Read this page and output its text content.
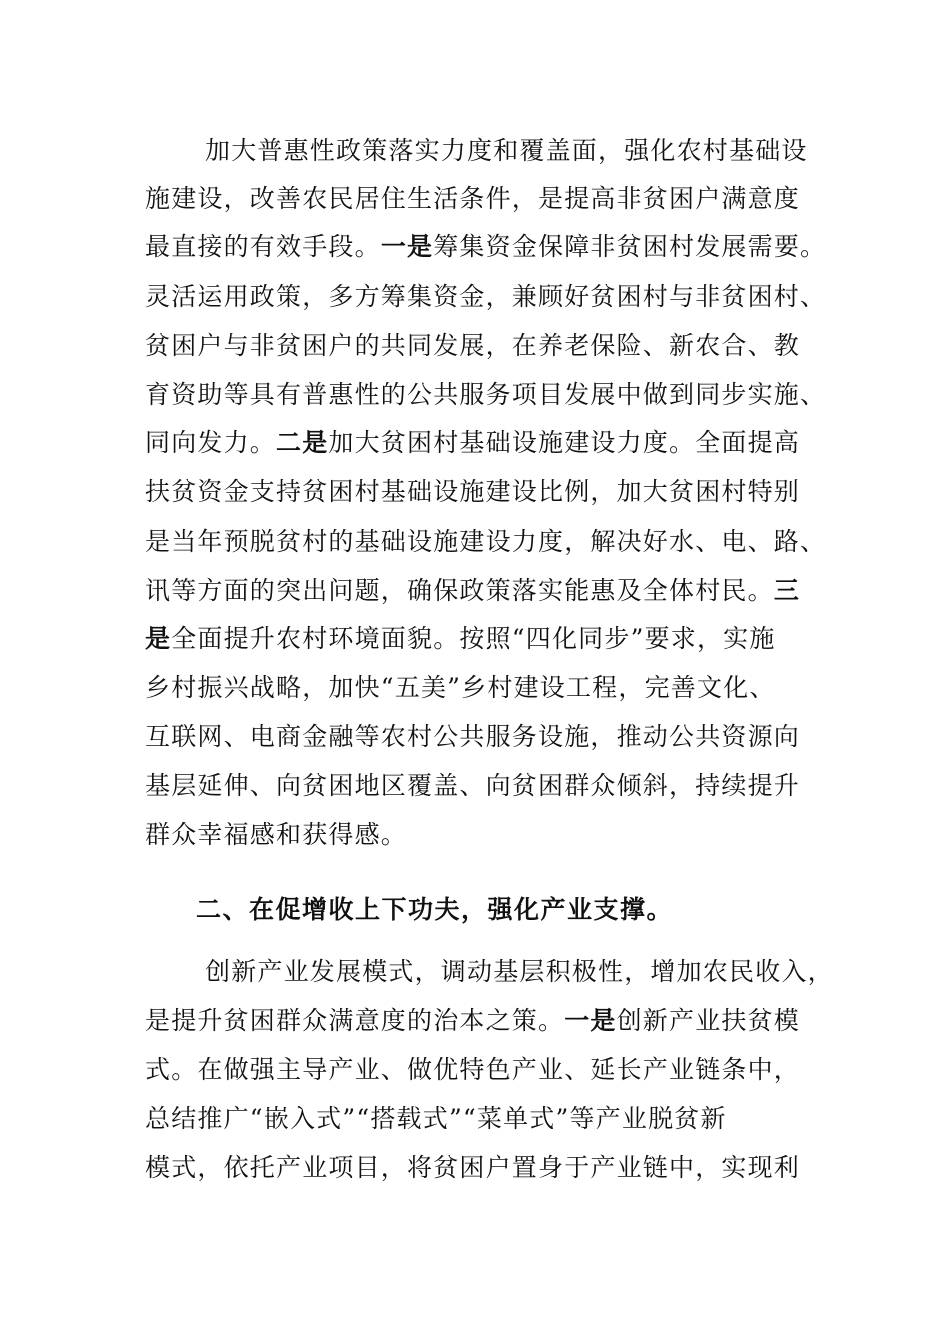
加大普惠性政策落实力度和覆盖面，强化农村基础设
施建设，改善农民居住生活条件，是提高非贫困户满意度
最直接的有效手段。一是筹集资金保障非贫困村发展需要。
灵活运用政策，多方筹集资金，兼顾好贫困村与非贫困村、
贫困户与非贫困户的共同发展，在养老保险、新农合、教
育资助等具有普惠性的公共服务项目发展中做到同步实施、
同向发力。二是加大贫困村基础设施建设力度。全面提高
扶贫资金支持贫困村基础设施建设比例，加大贫困村特别
是当年预脱贫村的基础设施建设力度，解决好水、电、路、
讯等方面的突出问题，确保政策落实能惠及全体村民。三
是全面提升农村环境面貌。按照“四化同步”要求，实施
乡村振兴战略，加快“五美”乡村建设工程，完善文化、
互联网、电商金融等农村公共服务设施，推动公共资源向
基层延伸、向贫困地区覆盖、向贫困群众倾斜，持续提升
群众幸福感和获得感。
二、在促增收上下功夫，强化产业支撑。
创新产业发展模式，调动基层积极性，增加农民收入，
是提升贫困群众满意度的治本之策。一是创新产业扶贫模
式。在做强主导产业、做优特色产业、延长产业链条中，
总结推广“嵌入式”“搭载式”“菜单式”等产业脱贫新
模式，依托产业项目，将贫困户置身于产业链中，实现利
